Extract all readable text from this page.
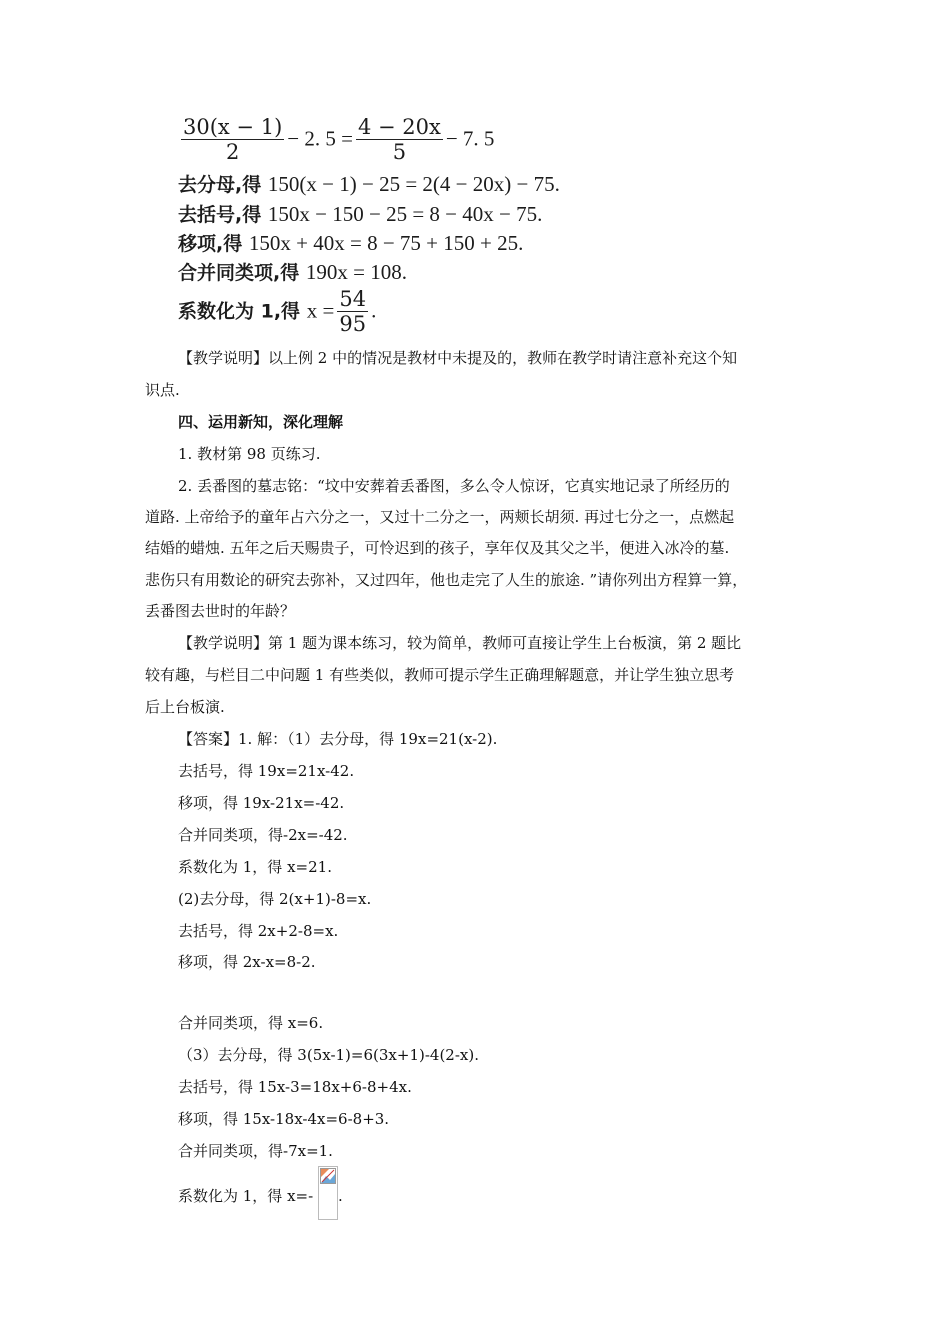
$\frac{30(x - 1)}{2} - 2$. $5 = \frac{4 - 20x}{5} - 7$. 5
去分母,得 150(x − 1) − 25 = 2(4 − 20x) − 75.
去括号,得 150x − 150 − 25 = 8 − 40x − 75.
移项,得 150x + 40x = 8 − 75 + 150 + 25.
合并同类项,得 190x = 108.
系数化为 1,得 $x = \frac{54}{95}$ .
【教学说明】以上例 2 中的情况是教材中未提及的，教师在教学时请注意补充这个知
识点.
四、运用新知，深化理解
1. 教材第 98 页练习.
2. 丢番图的墓志铭：“坟中安葬着丢番图，多么令人惊讶，它真实地记录了所经历的
道路. 上帝给予的童年占六分之一，又过十二分之一，两颊长胡须. 再过七分之一，点燃起
结婚的蜡烛. 五年之后天赐贵子，可怜迟到的孩子，享年仅及其父之半，便进入冰冷的墓.
悲伤只有用数论的研究去弥补，又过四年，他也走完了人生的旅途. ”请你列出方程算一算，
丢番图去世时的年龄？
【教学说明】第 1 题为课本练习，较为简单，教师可直接让学生上台板演，第 2 题比
较有趣，与栏目二中问题 1 有些类似，教师可提示学生正确理解题意，并让学生独立思考
后上台板演.
【答案】1. 解：（1）去分母，得 19x=21(x-2).
去括号，得 19x=21x-42.
移项，得 19x-21x=-42.
合并同类项，得-2x=-42.
系数化为 1，得 x=21.
(2)去分母，得 2(x+1)-8=x.
去括号，得 2x+2-8=x.
移项，得 2x-x=8-2.
合并同类项，得 x=6.
（3）去分母，得 3(5x-1)=6(3x+1)-4(2-x).
去括号，得 15x-3=18x+6-8+4x.
移项，得 15x-18x-4x=6-8+3.
合并同类项，得-7x=1.
系数化为 1，得 x=- .
